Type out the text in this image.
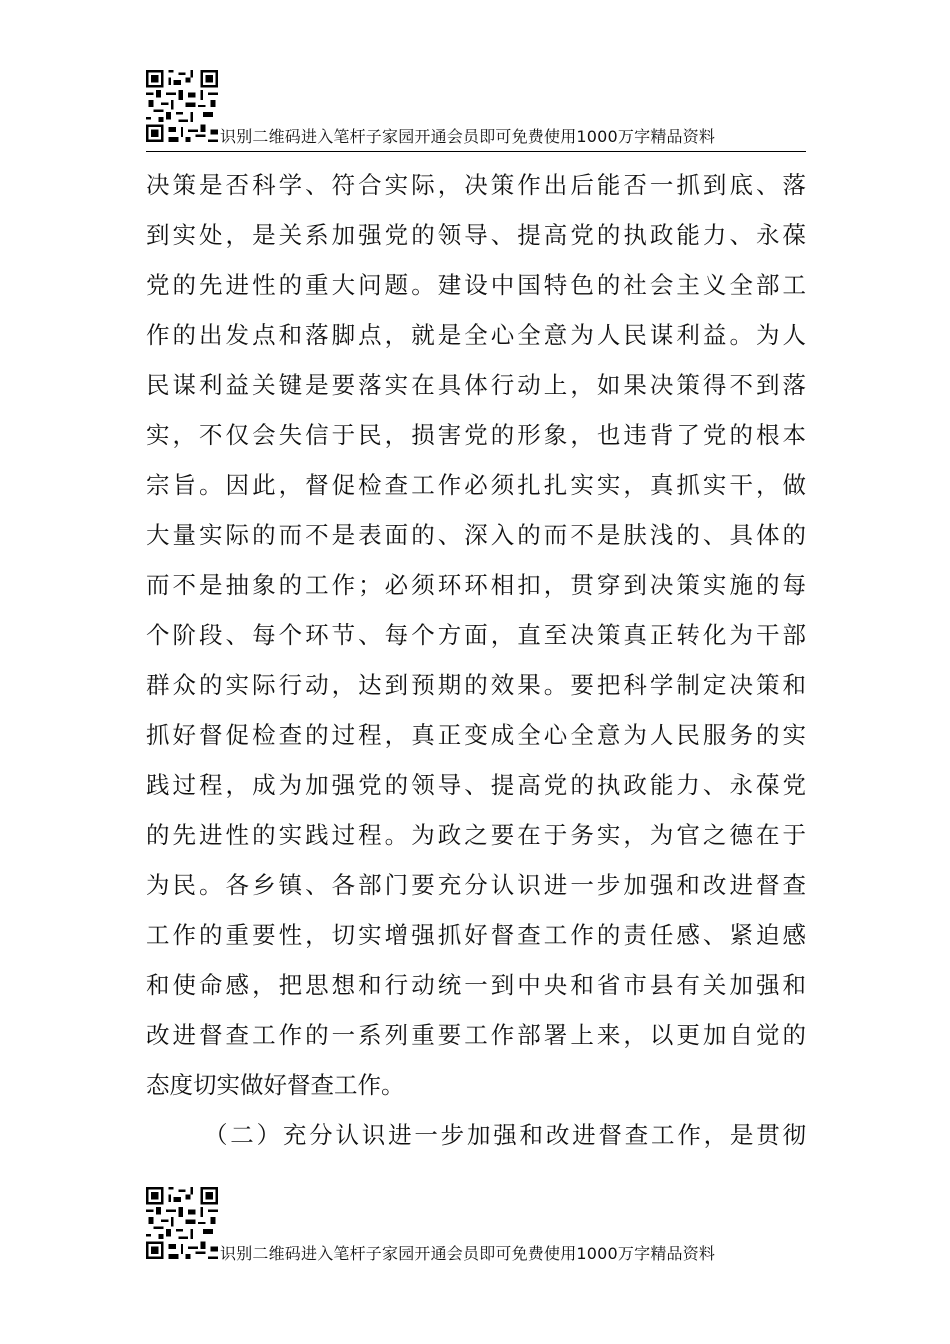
识别二维码进入笔杆子家园开通会员即可免费使用1000万字精品资料
决策是否科学、符合实际，决策作出后能否一抓到底、落
到实处，是关系加强党的领导、提高党的执政能力、永葆
党的先进性的重大问题。建设中国特色的社会主义全部工
作的出发点和落脚点，就是全心全意为人民谋利益。为人
民谋利益关键是要落实在具体行动上，如果决策得不到落
实，不仅会失信于民，损害党的形象，也违背了党的根本
宗旨。因此，督促检查工作必须扎扎实实，真抓实干，做
大量实际的而不是表面的、深入的而不是肤浅的、具体的
而不是抽象的工作；必须环环相扣，贯穿到决策实施的每
个阶段、每个环节、每个方面，直至决策真正转化为干部
群众的实际行动，达到预期的效果。要把科学制定决策和
抓好督促检查的过程，真正变成全心全意为人民服务的实
践过程，成为加强党的领导、提高党的执政能力、永葆党
的先进性的实践过程。为政之要在于务实，为官之德在于
为民。各乡镇、各部门要充分认识进一步加强和改进督查
工作的重要性，切实增强抓好督查工作的责任感、紧迫感
和使命感，把思想和行动统一到中央和省市县有关加强和
改进督查工作的一系列重要工作部署上来，以更加自觉的
态度切实做好督查工作。
（二）充分认识进一步加强和改进督查工作，是贯彻
识别二维码进入笔杆子家园开通会员即可免费使用1000万字精品资料
